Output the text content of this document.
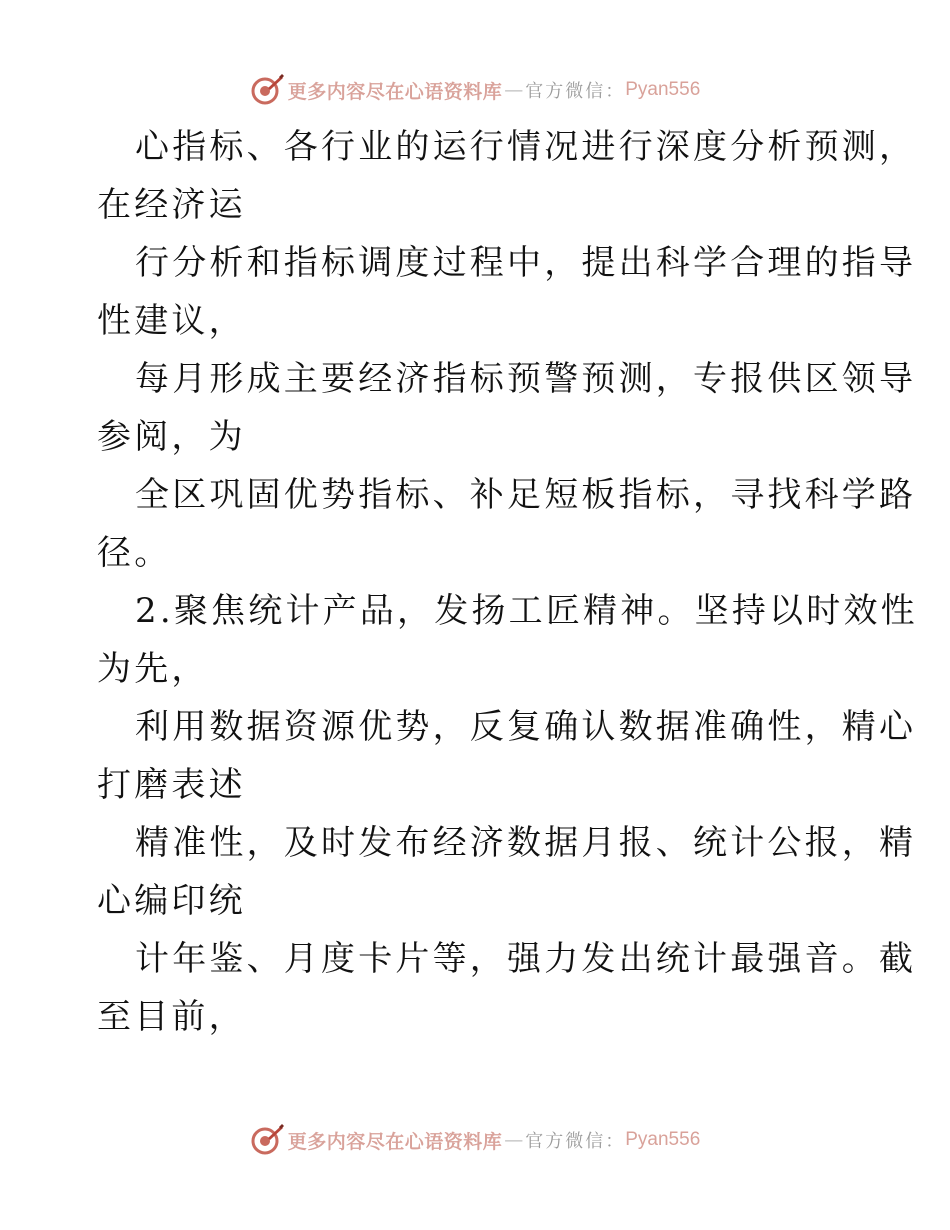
更多内容尽在心语资料库 — 官方微信： Pyan556
心指标、各行业的运行情况进行深度分析预测，
在经济运
行分析和指标调度过程中，提出科学合理的指导
性建议，
每月形成主要经济指标预警预测，专报供区领导
参阅，为
全区巩固优势指标、补足短板指标，寻找科学路
径。
2.聚焦统计产品，发扬工匠精神。坚持以时效性
为先，
利用数据资源优势，反复确认数据准确性，精心
打磨表述
精准性，及时发布经济数据月报、统计公报，精
心编印统
计年鉴、月度卡片等，强力发出统计最强音。截
至目前，
更多内容尽在心语资料库 — 官方微信： Pyan556
